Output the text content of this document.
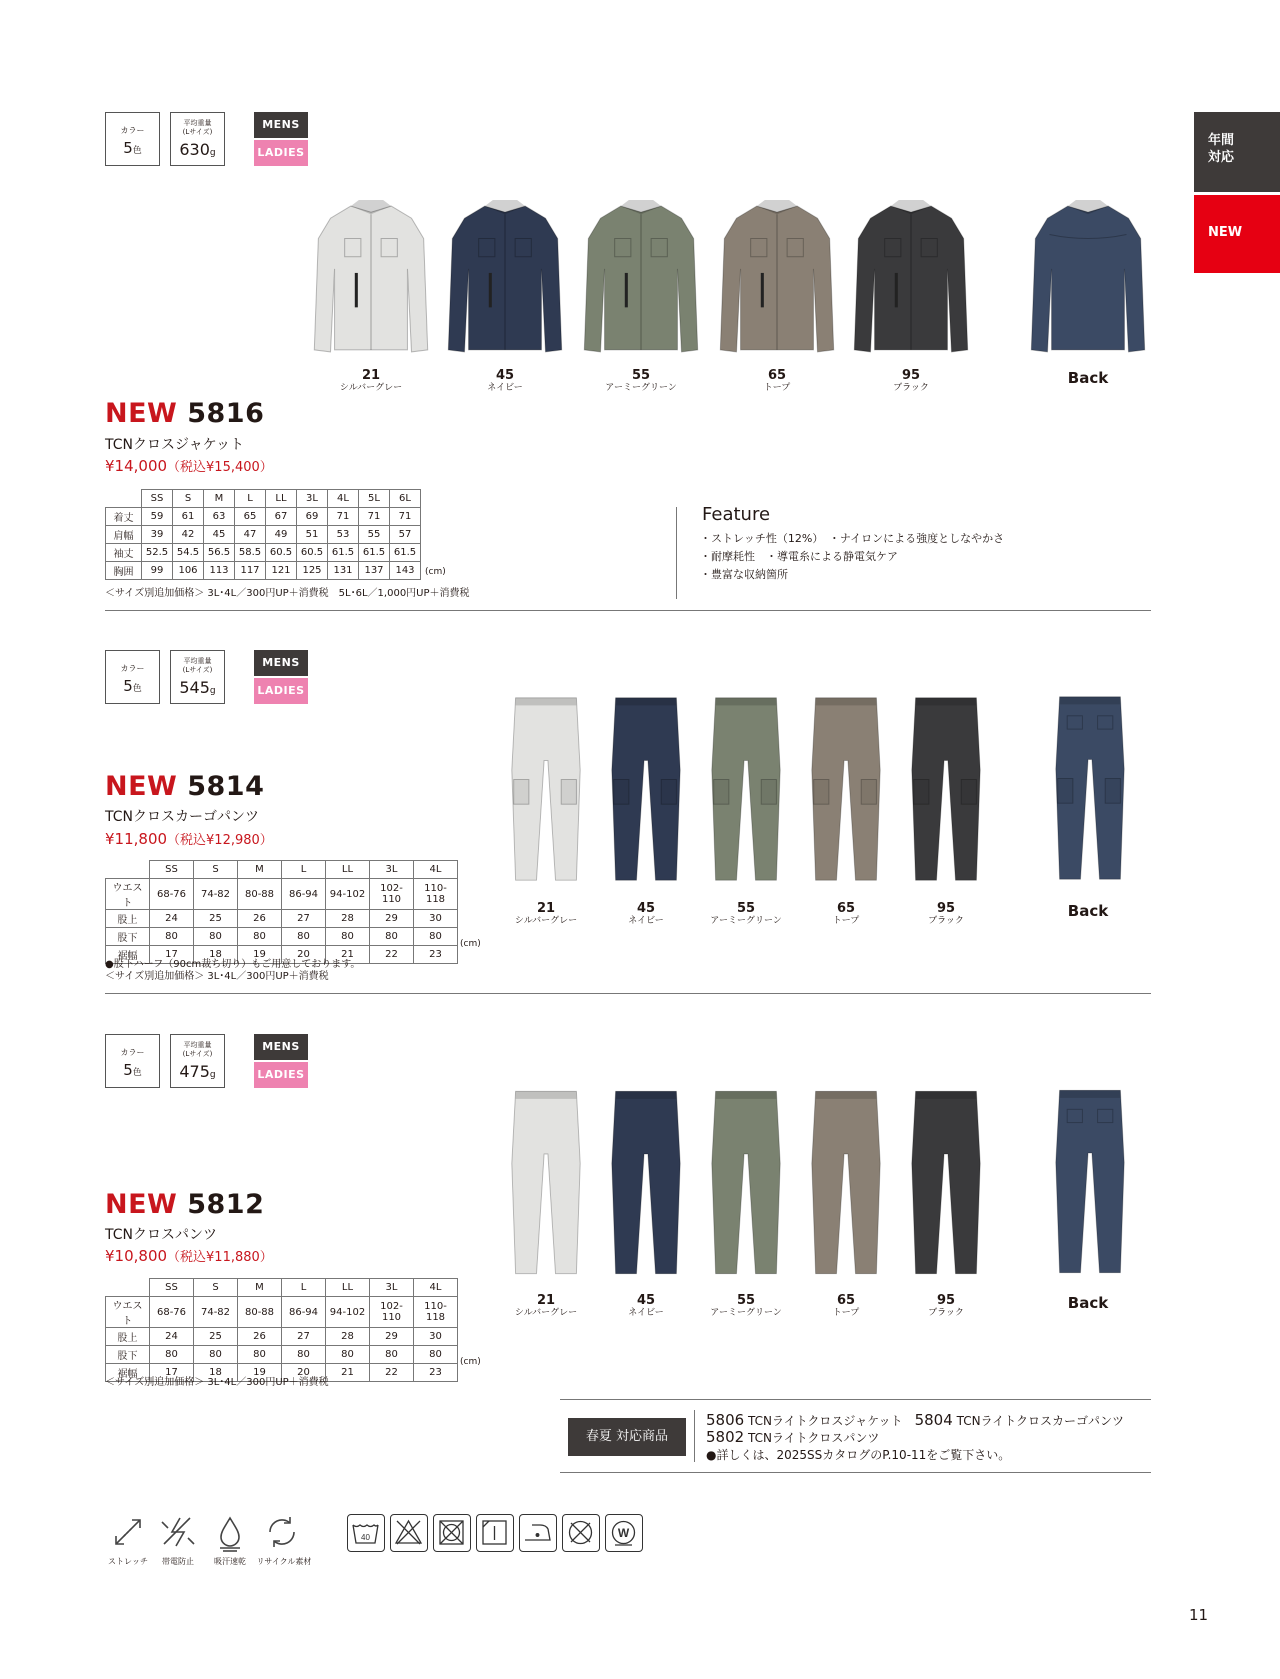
年間
対応
NEW
カラー
5色
平均重量
(Lサイズ)
630g
MENS
LADIES
21
シルバーグレー
45
ネイビー
55
アーミーグリーン
65
トープ
95
ブラック
Back
NEW 5816
TCNクロスジャケット
¥14,000（税込¥15,400）
	SS	S	M	L	LL	3L	4L	5L	6L
着丈	59	61	63	65	67	69	71	71	71
肩幅	39	42	45	47	49	51	53	55	57
袖丈	52.5	54.5	56.5	58.5	60.5	60.5	61.5	61.5	61.5
胸囲	99	106	113	117	121	125	131	137	143 (cm)
＜サイズ別追加価格＞ 3L･4L／300円UP＋消費税　5L･6L／1,000円UP＋消費税
Feature
・ストレッチ性（12%）　・ナイロンによる強度としなやかさ
・耐摩耗性　・導電糸による静電気ケア
・豊富な収納箇所
カラー
5色
平均重量
(Lサイズ)
545g
MENS
LADIES
21
シルバーグレー
45
ネイビー
55
アーミーグリーン
65
トープ
95
ブラック
Back
NEW 5814
TCNクロスカーゴパンツ
¥11,800（税込¥12,980）
	SS	S	M	L	LL	3L	4L
ウエスト	68-76	74-82	80-88	86-94	94-102	102-110	110-118
股上	24	25	26	27	28	29	30
股下	80	80	80	80	80	80	80
裾幅	17	18	19	20	21	22	23
(cm)
●股下ハーフ（90cm裁ち切り）もご用意しております。
＜サイズ別追加価格＞ 3L･4L／300円UP＋消費税
カラー
5色
平均重量
(Lサイズ)
475g
MENS
LADIES
21
シルバーグレー
45
ネイビー
55
アーミーグリーン
65
トープ
95
ブラック
Back
NEW 5812
TCNクロスパンツ
¥10,800（税込¥11,880）
	SS	S	M	L	LL	3L	4L
ウエスト	68-76	74-82	80-88	86-94	94-102	102-110	110-118
股上	24	25	26	27	28	29	30
股下	80	80	80	80	80	80	80
裾幅	17	18	19	20	21	22	23
(cm)
＜サイズ別追加価格＞ 3L･4L／300円UP＋消費税
春夏 対応商品
5806 TCNライトクロスジャケット　 5804 TCNライトクロスカーゴパンツ
5802 TCNライトクロスパンツ
●詳しくは、2025SSカタログのP.10-11をご覧下さい。
ストレッチ	帯電防止	吸汗速乾	リサイクル素材
40	W
11
